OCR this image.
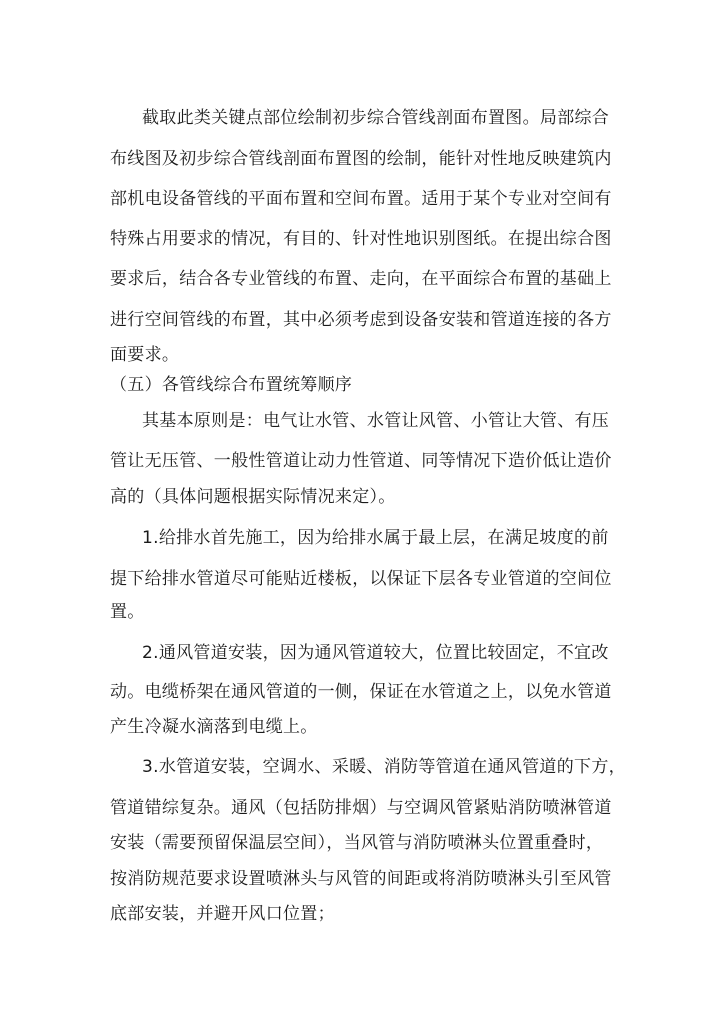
截取此类关键点部位绘制初步综合管线剖面布置图。局部综合
布线图及初步综合管线剖面布置图的绘制，能针对性地反映建筑内
部机电设备管线的平面布置和空间布置。适用于某个专业对空间有
特殊占用要求的情况，有目的、针对性地识别图纸。在提出综合图
要求后，结合各专业管线的布置、走向，在平面综合布置的基础上
进行空间管线的布置，其中必须考虑到设备安装和管道连接的各方
面要求。
（五）各管线综合布置统筹顺序
其基本原则是：电气让水管、水管让风管、小管让大管、有压
管让无压管、一般性管道让动力性管道、同等情况下造价低让造价
高的（具体问题根据实际情况来定）。
1.给排水首先施工，因为给排水属于最上层，在满足坡度的前
提下给排水管道尽可能贴近楼板，以保证下层各专业管道的空间位
置。
2.通风管道安装，因为通风管道较大，位置比较固定，不宜改
动。电缆桥架在通风管道的一侧，保证在水管道之上，以免水管道
产生冷凝水滴落到电缆上。
3.水管道安装，空调水、采暖、消防等管道在通风管道的下方，
管道错综复杂。通风（包括防排烟）与空调风管紧贴消防喷淋管道
安装（需要预留保温层空间），当风管与消防喷淋头位置重叠时，
按消防规范要求设置喷淋头与风管的间距或将消防喷淋头引至风管
底部安装，并避开风口位置；
